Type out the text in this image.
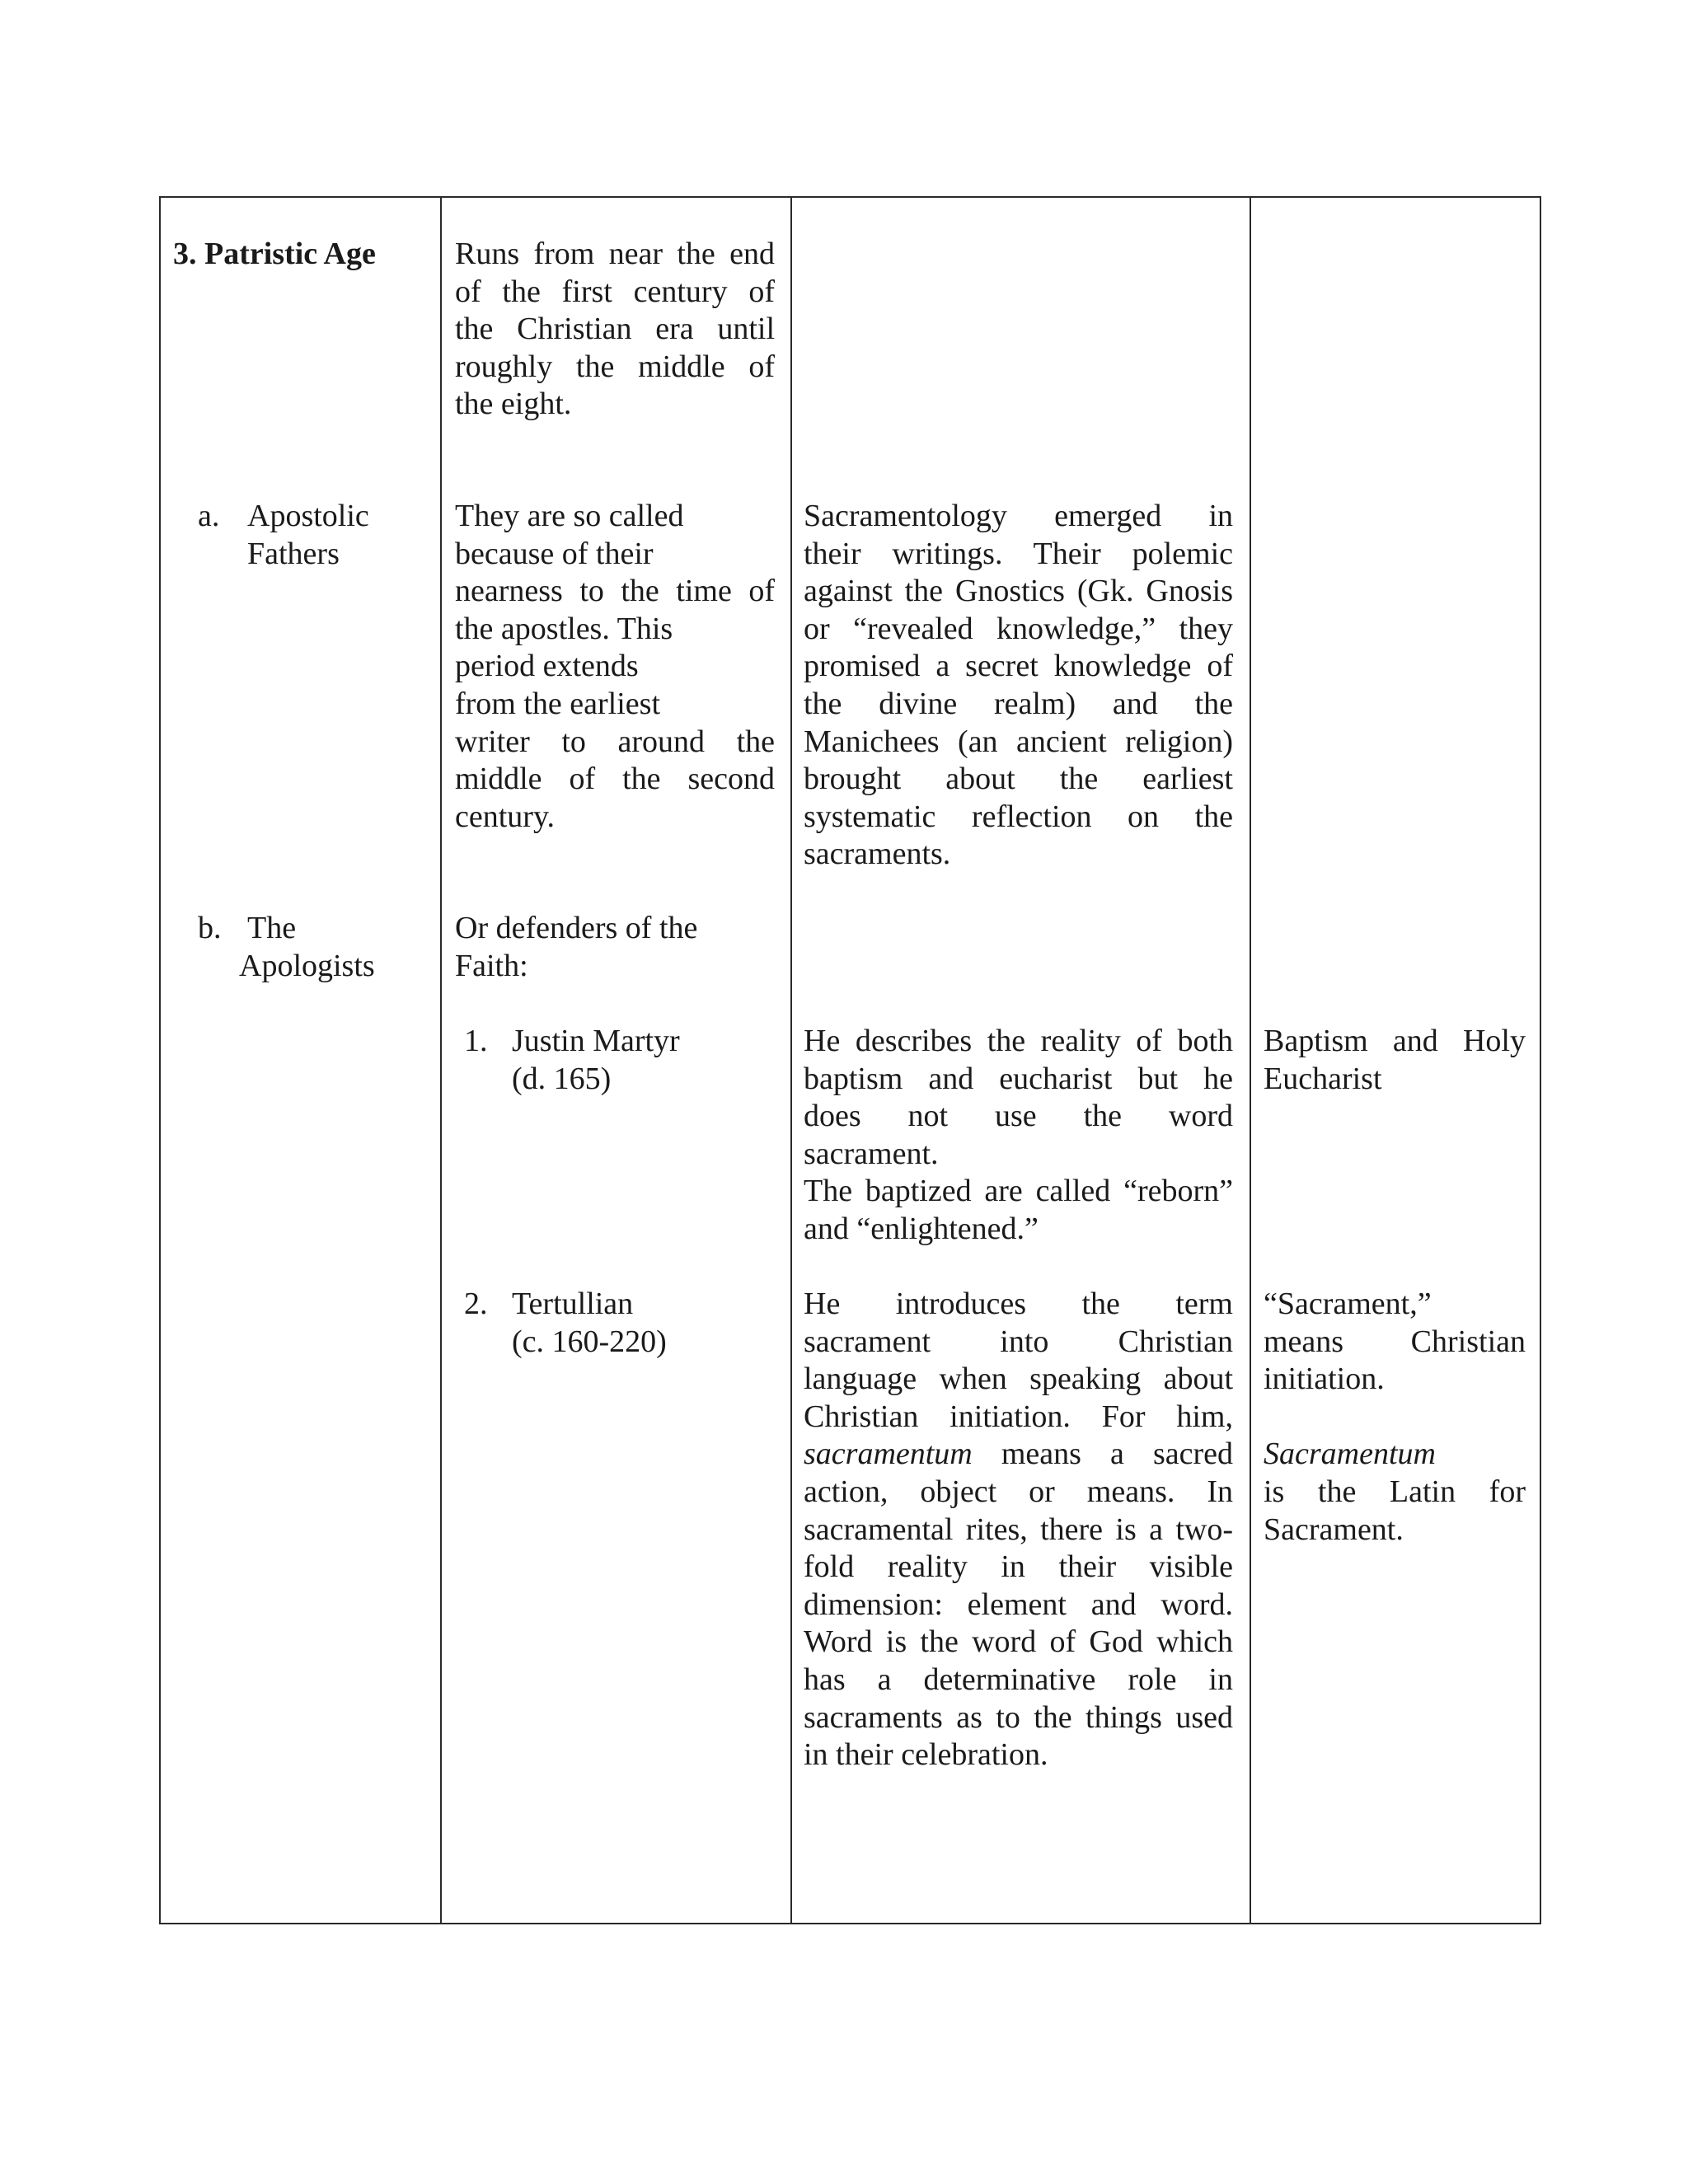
3. Patristic Age	Runs from near the end
of the first century of
the Christian era until
roughly the middle of
the eight.
a. Apostolic
Fathers
They are so called
because of their
nearness to the time of
the apostles. This
period extends
from the earliest
writer to around the
middle of the second
century.
Sacramentology emerged in
their writings. Their polemic
against the Gnostics (Gk. Gnosis
or “revealed knowledge,” they
promised a secret knowledge of
the divine realm) and the
Manichees (an ancient religion)
brought about the earliest
systematic reflection on the
sacraments.
b. The
Apologists
Or defenders of the
Faith:
1. Justin Martyr
(d. 165)
He describes the reality of both
baptism and eucharist but he
does not use the word
sacrament.
The baptized are called “reborn”
and “enlightened.”
Baptism and Holy
Eucharist
2. Tertullian
(c. 160-220)
He introduces the term
sacrament into Christian
language when speaking about
Christian initiation. For him,
sacramentum means a sacred
action, object or means. In
sacramental rites, there is a two-
fold reality in their visible
dimension: element and word.
Word is the word of God which
has a determinative role in
sacraments as to the things used
in their celebration.
“Sacrament,”
means Christian
initiation.
Sacramentum
is the Latin for
Sacrament.
